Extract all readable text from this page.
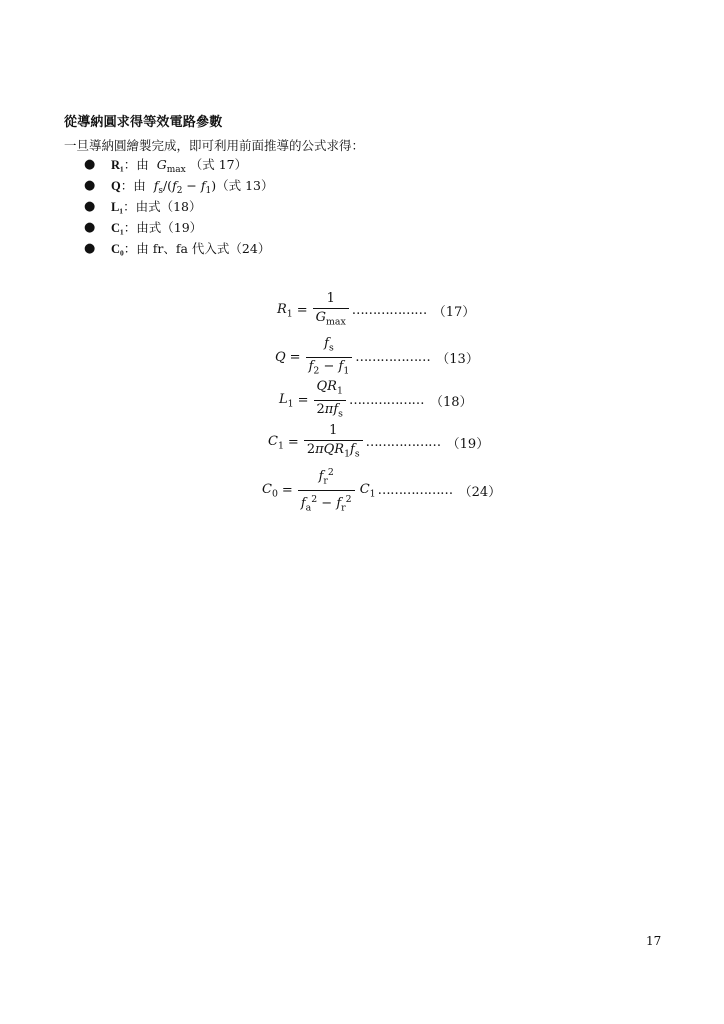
從導納圓求得等效電路參數
一旦導納圓繪製完成，即可利用前面推導的公式求得：
● R₁：由  $G_{max}$ （式 17）
● Q：由  $f_s/(f_2 - f_1)$（式 13）
● L₁：由式（18）
● C₁：由式（19）
● C₀：由 fr、fa 代入式（24）
$R_1 = \frac{1}{G_{max}}$ ……………… （17）
$Q = \frac{f_s}{f_2 - f_1}$ ……………… （13）
$L_1 = \frac{QR_1}{2\pi f_s}$ ……………… （18）
$C_1 = \frac{1}{2\pi QR_1f_s}$ ……………… （19）
$C_0 = \frac{f_r^2}{f_a^2 - f_r^2} C_1$ ……………… （24）
17
